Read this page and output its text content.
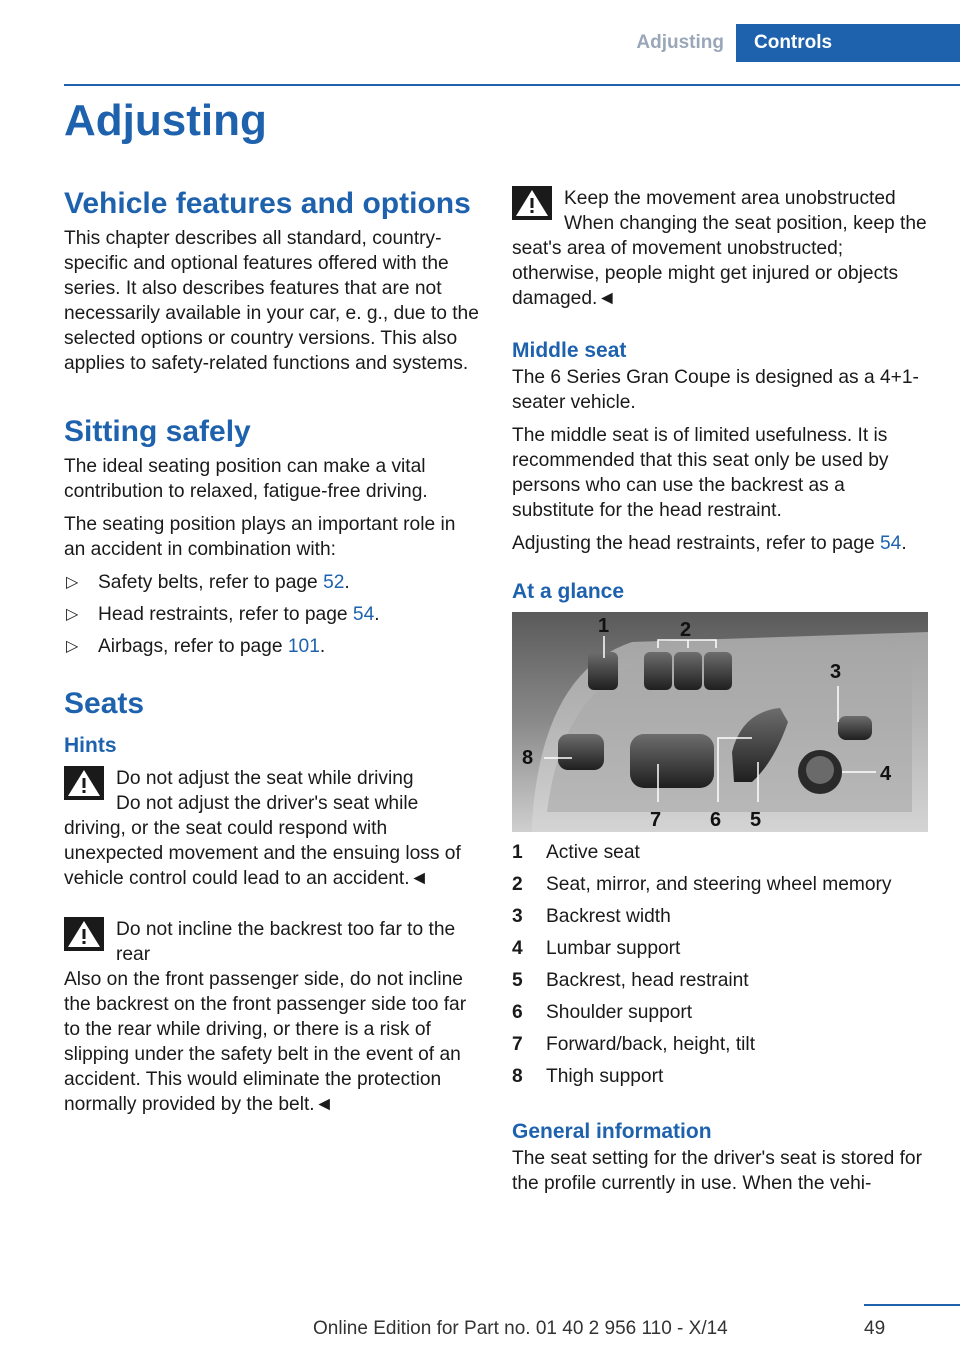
Adjusting	Controls
Adjusting
Vehicle features and options

This chapter describes all standard, country-specific and optional features offered with the series. It also describes features that are not necessarily available in your car, e. g., due to the selected options or country versions. This also applies to safety-related functions and systems.

Sitting safely

The ideal seating position can make a vital contribution to relaxed, fatigue-free driving.

The seating position plays an important role in an accident in combination with:

▷ Safety belts, refer to page 52.
▷ Head restraints, refer to page 54.
▷ Airbags, refer to page 101.
Seats
Hints
Do not adjust the seat while driving
Do not adjust the driver's seat while driving, or the seat could respond with unexpected movement and the ensuing loss of vehicle control could lead to an accident.◄
Do not incline the backrest too far to the rear
Also on the front passenger side, do not incline the backrest on the front passenger side too far to the rear while driving, or there is a risk of slipping under the safety belt in the event of an accident. This would eliminate the protection normally provided by the belt.◄
Keep the movement area unobstructed
When changing the seat position, keep the seat's area of movement unobstructed; otherwise, people might get injured or objects damaged.◄
Middle seat

The 6 Series Gran Coupe is designed as a 4+1-seater vehicle.

The middle seat is of limited usefulness. It is recommended that this seat only be used by persons who can use the backrest as a substitute for the head restraint.

Adjusting the head restraints, refer to page 54.

At a glance
1	2
3
4
5
6
7
8
1	Active seat
2	Seat, mirror, and steering wheel memory
3	Backrest width
4	Lumbar support
5	Backrest, head restraint
6	Shoulder support
7	Forward/back, height, tilt
8	Thigh support
General information

The seat setting for the driver's seat is stored for the profile currently in use. When the vehi-

Online Edition for Part no. 01 40 2 956 110 - X/14	49
